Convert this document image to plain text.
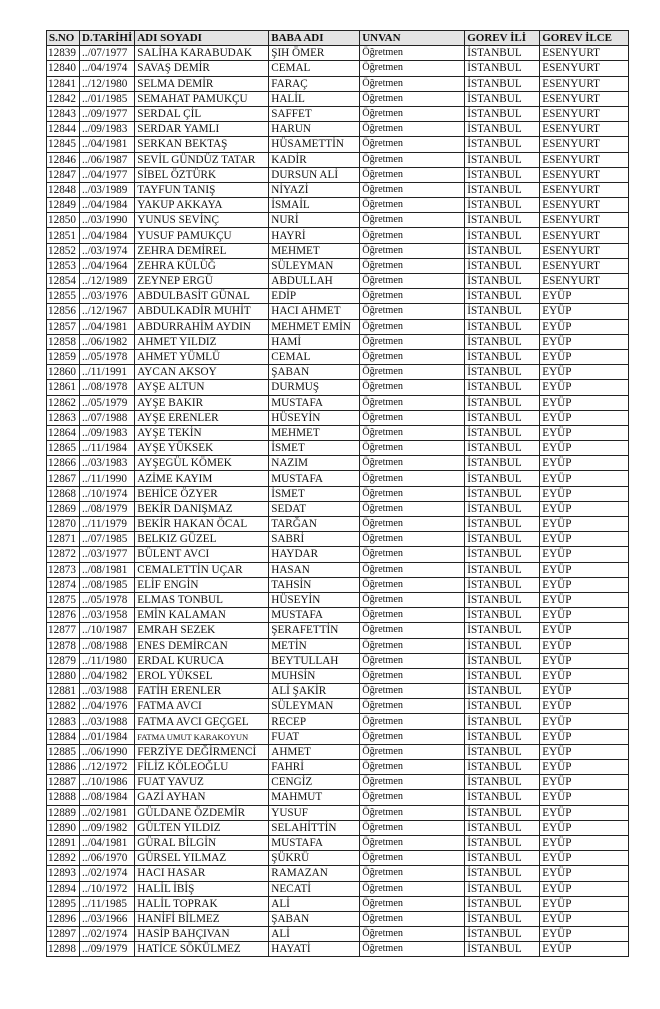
S.NO	D.TARİHİ	ADI SOYADI	BABA ADI	UNVAN	GOREV İLİ	GOREV İLCE
12839	../07/1977	SALİHA KARABUDAK	ŞIH ÖMER	Öğretmen	İSTANBUL	ESENYURT
12840	../04/1974	SAVAŞ DEMİR	CEMAL	Öğretmen	İSTANBUL	ESENYURT
12841	../12/1980	SELMA DEMİR	FARAÇ	Öğretmen	İSTANBUL	ESENYURT
12842	../01/1985	SEMAHAT PAMUKÇU	HALİL	Öğretmen	İSTANBUL	ESENYURT
12843	../09/1977	SERDAL ÇİL	SAFFET	Öğretmen	İSTANBUL	ESENYURT
12844	../09/1983	SERDAR YAMLI	HARUN	Öğretmen	İSTANBUL	ESENYURT
12845	../04/1981	SERKAN BEKTAŞ	HÜSAMETTİN	Öğretmen	İSTANBUL	ESENYURT
12846	../06/1987	SEVİL GÜNDÜZ TATAR	KADİR	Öğretmen	İSTANBUL	ESENYURT
12847	../04/1977	SİBEL ÖZTÜRK	DURSUN ALİ	Öğretmen	İSTANBUL	ESENYURT
12848	../03/1989	TAYFUN TANIŞ	NİYAZİ	Öğretmen	İSTANBUL	ESENYURT
12849	../04/1984	YAKUP AKKAYA	İSMAİL	Öğretmen	İSTANBUL	ESENYURT
12850	../03/1990	YUNUS SEVİNÇ	NURİ	Öğretmen	İSTANBUL	ESENYURT
12851	../04/1984	YUSUF PAMUKÇU	HAYRİ	Öğretmen	İSTANBUL	ESENYURT
12852	../03/1974	ZEHRA DEMİREL	MEHMET	Öğretmen	İSTANBUL	ESENYURT
12853	../04/1964	ZEHRA KÜLÜĞ	SÜLEYMAN	Öğretmen	İSTANBUL	ESENYURT
12854	../12/1989	ZEYNEP ERGÜ	ABDULLAH	Öğretmen	İSTANBUL	ESENYURT
12855	../03/1976	ABDULBASİT GÜNAL	EDİP	Öğretmen	İSTANBUL	EYÜP
12856	../12/1967	ABDULKADİR MUHİT	HACI AHMET	Öğretmen	İSTANBUL	EYÜP
12857	../04/1981	ABDURRAHİM AYDIN	MEHMET EMİN	Öğretmen	İSTANBUL	EYÜP
12858	../06/1982	AHMET YILDIZ	HAMİ	Öğretmen	İSTANBUL	EYÜP
12859	../05/1978	AHMET YÜMLÜ	CEMAL	Öğretmen	İSTANBUL	EYÜP
12860	../11/1991	AYCAN AKSOY	ŞABAN	Öğretmen	İSTANBUL	EYÜP
12861	../08/1978	AYŞE ALTUN	DURMUŞ	Öğretmen	İSTANBUL	EYÜP
12862	../05/1979	AYŞE BAKIR	MUSTAFA	Öğretmen	İSTANBUL	EYÜP
12863	../07/1988	AYŞE ERENLER	HÜSEYİN	Öğretmen	İSTANBUL	EYÜP
12864	../09/1983	AYŞE TEKİN	MEHMET	Öğretmen	İSTANBUL	EYÜP
12865	../11/1984	AYŞE YÜKSEK	İSMET	Öğretmen	İSTANBUL	EYÜP
12866	../03/1983	AYŞEGÜL KÖMEK	NAZIM	Öğretmen	İSTANBUL	EYÜP
12867	../11/1990	AZİME KAYIM	MUSTAFA	Öğretmen	İSTANBUL	EYÜP
12868	../10/1974	BEHİCE ÖZYER	İSMET	Öğretmen	İSTANBUL	EYÜP
12869	../08/1979	BEKİR DANIŞMAZ	SEDAT	Öğretmen	İSTANBUL	EYÜP
12870	../11/1979	BEKİR HAKAN ÖCAL	TARĞAN	Öğretmen	İSTANBUL	EYÜP
12871	../07/1985	BELKIZ GÜZEL	SABRİ	Öğretmen	İSTANBUL	EYÜP
12872	../03/1977	BÜLENT AVCI	HAYDAR	Öğretmen	İSTANBUL	EYÜP
12873	../08/1981	CEMALETTİN UÇAR	HASAN	Öğretmen	İSTANBUL	EYÜP
12874	../08/1985	ELİF ENGİN	TAHSİN	Öğretmen	İSTANBUL	EYÜP
12875	../05/1978	ELMAS TONBUL	HÜSEYİN	Öğretmen	İSTANBUL	EYÜP
12876	../03/1958	EMİN KALAMAN	MUSTAFA	Öğretmen	İSTANBUL	EYÜP
12877	../10/1987	EMRAH SEZEK	ŞERAFETTİN	Öğretmen	İSTANBUL	EYÜP
12878	../08/1988	ENES DEMİRCAN	METİN	Öğretmen	İSTANBUL	EYÜP
12879	../11/1980	ERDAL KURUCA	BEYTULLAH	Öğretmen	İSTANBUL	EYÜP
12880	../04/1982	EROL YÜKSEL	MUHSİN	Öğretmen	İSTANBUL	EYÜP
12881	../03/1988	FATİH ERENLER	ALİ ŞAKİR	Öğretmen	İSTANBUL	EYÜP
12882	../04/1976	FATMA AVCI	SÜLEYMAN	Öğretmen	İSTANBUL	EYÜP
12883	../03/1988	FATMA AVCI GEÇGEL	RECEP	Öğretmen	İSTANBUL	EYÜP
12884	../01/1984	FATMA UMUT KARAKOYUN	FUAT	Öğretmen	İSTANBUL	EYÜP
12885	../06/1990	FERZİYE DEĞİRMENCİ	AHMET	Öğretmen	İSTANBUL	EYÜP
12886	../12/1972	FİLİZ KÖLEOĞLU	FAHRİ	Öğretmen	İSTANBUL	EYÜP
12887	../10/1986	FUAT YAVUZ	CENGİZ	Öğretmen	İSTANBUL	EYÜP
12888	../08/1984	GAZİ AYHAN	MAHMUT	Öğretmen	İSTANBUL	EYÜP
12889	../02/1981	GÜLDANE ÖZDEMİR	YUSUF	Öğretmen	İSTANBUL	EYÜP
12890	../09/1982	GÜLTEN YILDIZ	SELAHİTTİN	Öğretmen	İSTANBUL	EYÜP
12891	../04/1981	GÜRAL BİLGİN	MUSTAFA	Öğretmen	İSTANBUL	EYÜP
12892	../06/1970	GÜRSEL YILMAZ	ŞÜKRÜ	Öğretmen	İSTANBUL	EYÜP
12893	../02/1974	HACI HASAR	RAMAZAN	Öğretmen	İSTANBUL	EYÜP
12894	../10/1972	HALİL İBİŞ	NECATİ	Öğretmen	İSTANBUL	EYÜP
12895	../11/1985	HALİL TOPRAK	ALİ	Öğretmen	İSTANBUL	EYÜP
12896	../03/1966	HANİFİ BİLMEZ	ŞABAN	Öğretmen	İSTANBUL	EYÜP
12897	../02/1974	HASİP BAHÇIVAN	ALİ	Öğretmen	İSTANBUL	EYÜP
12898	../09/1979	HATİCE SÖKÜLMEZ	HAYATİ	Öğretmen	İSTANBUL	EYÜP
